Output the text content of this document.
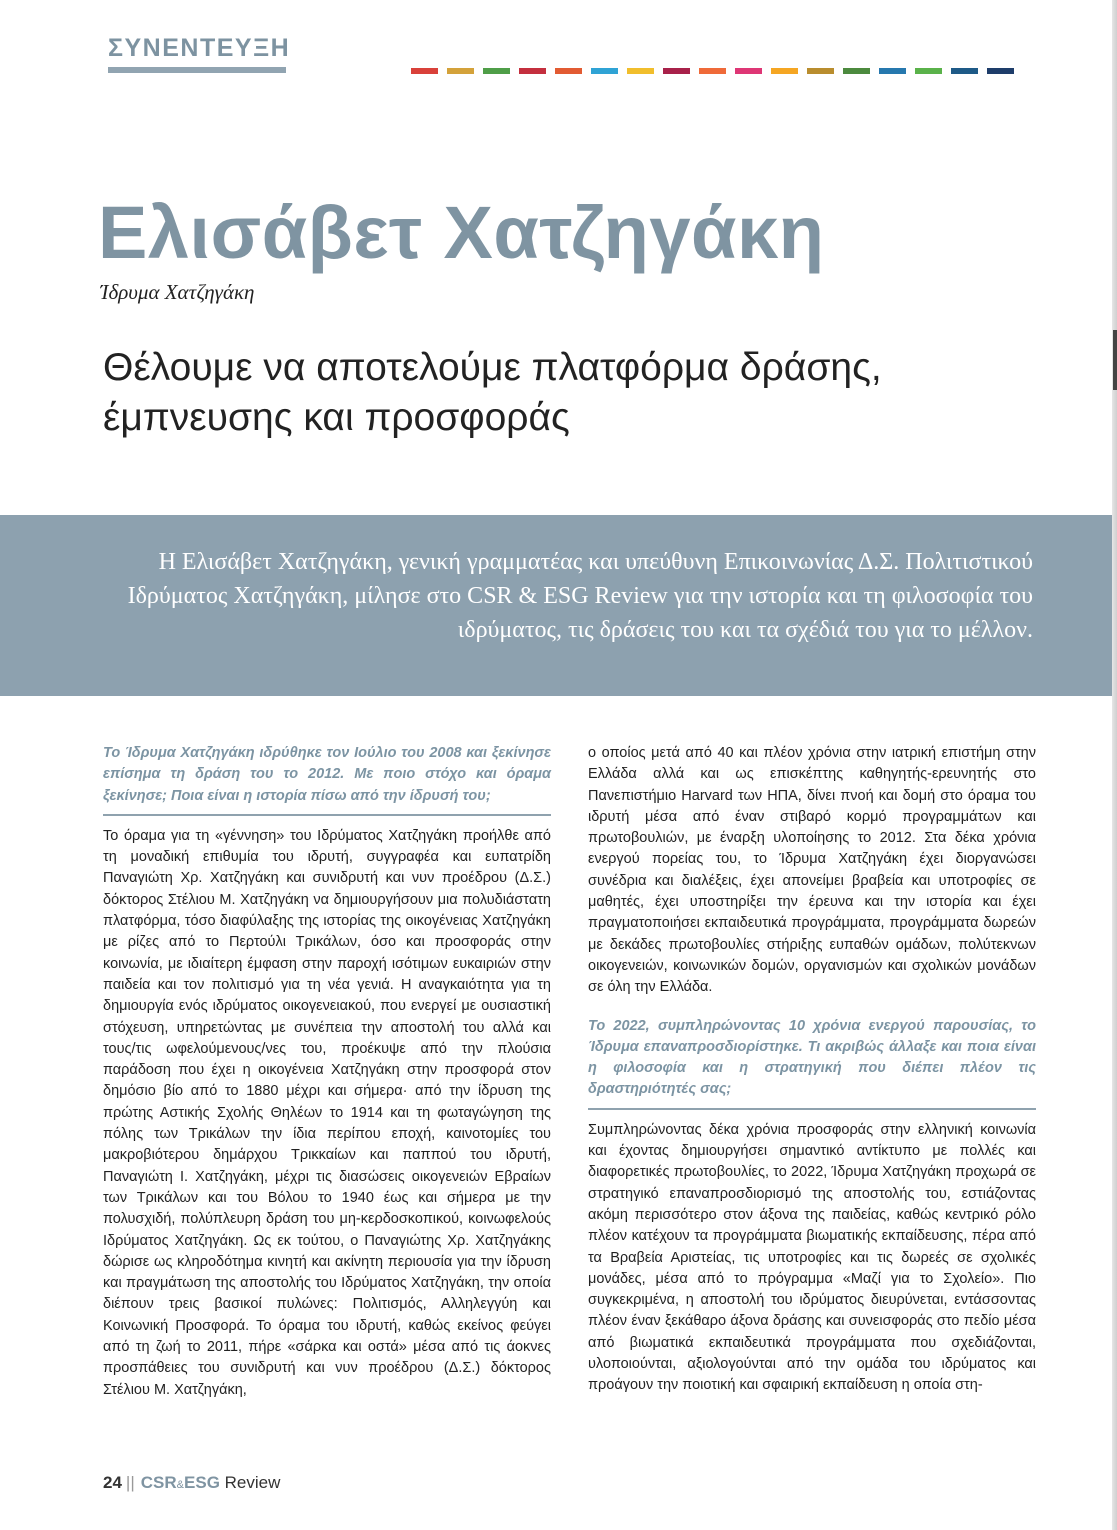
ΣΥΝΕΝΤΕΥΞΗ
Ελισάβετ Χατζηγάκη
Ίδρυμα Χατζηγάκη
Θέλουμε να αποτελούμε πλατφόρμα δράσης,
έμπνευσης και προσφοράς
Η Ελισάβετ Χατζηγάκη, γενική γραμματέας και υπεύθυνη Επικοινωνίας Δ.Σ. Πολιτιστικού Ιδρύματος Χατζηγάκη, μίλησε στο CSR & ESG Review για την ιστορία και τη φιλοσοφία του ιδρύματος, τις δράσεις του και τα σχέδιά του για το μέλλον.
Το Ίδρυμα Χατζηγάκη ιδρύθηκε τον Ιούλιο του 2008 και ξεκίνησε επίσημα τη δράση του το 2012. Με ποιο στόχο και όραμα ξεκίνησε; Ποια είναι η ιστορία πίσω από την ίδρυσή του;

Το όραμα για τη «γέννηση» του Ιδρύματος Χατζηγάκη προήλθε από τη μοναδική επιθυμία του ιδρυτή, συγγραφέα και ευπατρίδη Παναγιώτη Χρ. Χατζηγάκη και συνιδρυτή και νυν προέδρου (Δ.Σ.) δόκτορος Στέλιου Μ. Χατζηγάκη να δημιουργήσουν μια πολυδιάστατη πλατφόρμα, τόσο διαφύλαξης της ιστορίας της οικογένειας Χατζηγάκη με ρίζες από το Περτούλι Τρικάλων, όσο και προσφοράς στην κοινωνία, με ιδιαίτερη έμφαση στην παροχή ισότιμων ευκαιριών στην παιδεία και τον πολιτισμό για τη νέα γενιά. Η αναγκαιότητα για τη δημιουργία ενός ιδρύματος οικογενειακού, που ενεργεί με ουσιαστική στόχευση, υπηρετώντας με συνέπεια την αποστολή του αλλά και τους/τις ωφελούμενους/νες του, προέκυψε από την πλούσια παράδοση που έχει η οικογένεια Χατζηγάκη στην προσφορά στον δημόσιο βίο από το 1880 μέχρι και σήμερα· από την ίδρυση της πρώτης Αστικής Σχολής Θηλέων το 1914 και τη φωταγώγηση της πόλης των Τρικάλων την ίδια περίπου εποχή, καινοτομίες του μακροβιότερου δημάρχου Τρικκαίων και παππού του ιδρυτή, Παναγιώτη Ι. Χατζηγάκη, μέχρι τις διασώσεις οικογενειών Εβραίων των Τρικάλων και του Βόλου το 1940 έως και σήμερα με την πολυσχιδή, πολύπλευρη δράση του μη-κερδοσκοπικού, κοινωφελούς Ιδρύματος Χατζηγάκη. Ως εκ τούτου, ο Παναγιώτης Χρ. Χατζηγάκης δώρισε ως κληροδότημα κινητή και ακίνητη περιουσία για την ίδρυση και πραγμάτωση της αποστολής του Ιδρύματος Χατζηγάκη, την οποία διέπουν τρεις βασικοί πυλώνες: Πολιτισμός, Αλληλεγγύη και Κοινωνική Προσφορά. Το όραμα του ιδρυτή, καθώς εκείνος φεύγει από τη ζωή το 2011, πήρε «σάρκα και οστά» μέσα από τις άοκνες προσπάθειες του συνιδρυτή και νυν προέδρου (Δ.Σ.) δόκτορος Στέλιου Μ. Χατζηγάκη,

ο οποίος μετά από 40 και πλέον χρόνια στην ιατρική επιστήμη στην Ελλάδα αλλά και ως επισκέπτης καθηγητής-ερευνητής στο Πανεπιστήμιο Harvard των ΗΠΑ, δίνει πνοή και δομή στο όραμα του ιδρυτή μέσα από έναν στιβαρό κορμό προγραμμάτων και πρωτοβουλιών, με έναρξη υλοποίησης το 2012. Στα δέκα χρόνια ενεργού πορείας του, το Ίδρυμα Χατζηγάκη έχει διοργανώσει συνέδρια και διαλέξεις, έχει απονείμει βραβεία και υποτροφίες σε μαθητές, έχει υποστηρίξει την έρευνα και την ιστορία και έχει πραγματοποιήσει εκπαιδευτικά προγράμματα, προγράμματα δωρεών με δεκάδες πρωτοβουλίες στήριξης ευπαθών ομάδων, πολύτεκνων οικογενειών, κοινωνικών δομών, οργανισμών και σχολικών μονάδων σε όλη την Ελλάδα.

Το 2022, συμπληρώνοντας 10 χρόνια ενεργού παρουσίας, το Ίδρυμα επαναπροσδιορίστηκε. Τι ακριβώς άλλαξε και ποια είναι η φιλοσοφία και η στρατηγική που διέπει πλέον τις δραστηριότητές σας;

Συμπληρώνοντας δέκα χρόνια προσφοράς στην ελληνική κοινωνία και έχοντας δημιουργήσει σημαντικό αντίκτυπο με πολλές και διαφορετικές πρωτοβουλίες, το 2022, Ίδρυμα Χατζηγάκη προχωρά σε στρατηγικό επαναπροσδιορισμό της αποστολής του, εστιάζοντας ακόμη περισσότερο στον άξονα της παιδείας, καθώς κεντρικό ρόλο πλέον κατέχουν τα προγράμματα βιωματικής εκπαίδευσης, πέρα από τα Βραβεία Αριστείας, τις υποτροφίες και τις δωρεές σε σχολικές μονάδες, μέσα από το πρόγραμμα «Μαζί για το Σχολείο». Πιο συγκεκριμένα, η αποστολή του ιδρύματος διευρύνεται, εντάσσοντας πλέον έναν ξεκάθαρο άξονα δράσης και συνεισφοράς στο πεδίο μέσα από βιωματικά εκπαιδευτικά προγράμματα που σχεδιάζονται, υλοποιούνται, αξιολογούνται από την ομάδα του ιδρύματος και προάγουν την ποιοτική και σφαιρική εκπαίδευση η οποία στη-

24 || CSR&ESG Review
